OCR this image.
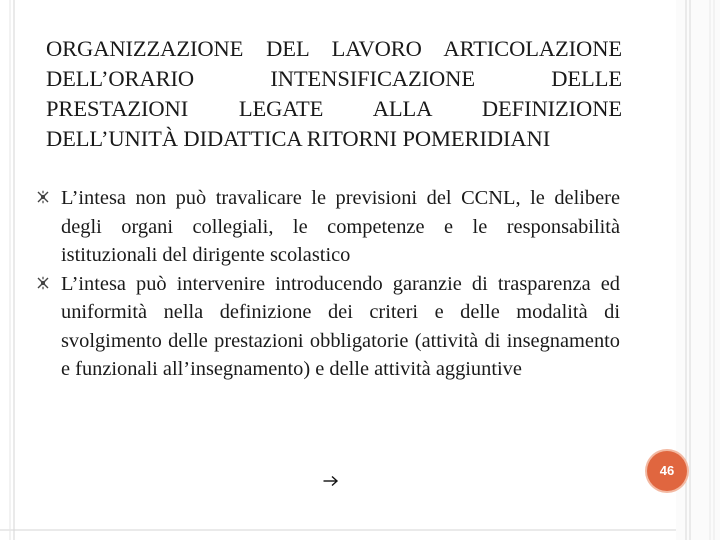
ORGANIZZAZIONE DEL LAVORO ARTICOLAZIONE DELL’ORARIO INTENSIFICAZIONE DELLE PRESTAZIONI LEGATE ALLA DEFINIZIONE DELL’UNITÀ DIDATTICA RITORNI POMERIDIANI
L’intesa non può travalicare le previsioni del CCNL, le delibere degli organi collegiali, le competenze e le responsabilità istituzionali del dirigente scolastico
L’intesa può intervenire introducendo garanzie di trasparenza ed uniformità nella definizione dei criteri e delle modalità di svolgimento delle prestazioni obbligatorie (attività di insegnamento e funzionali all’insegnamento) e delle attività aggiuntive
46
